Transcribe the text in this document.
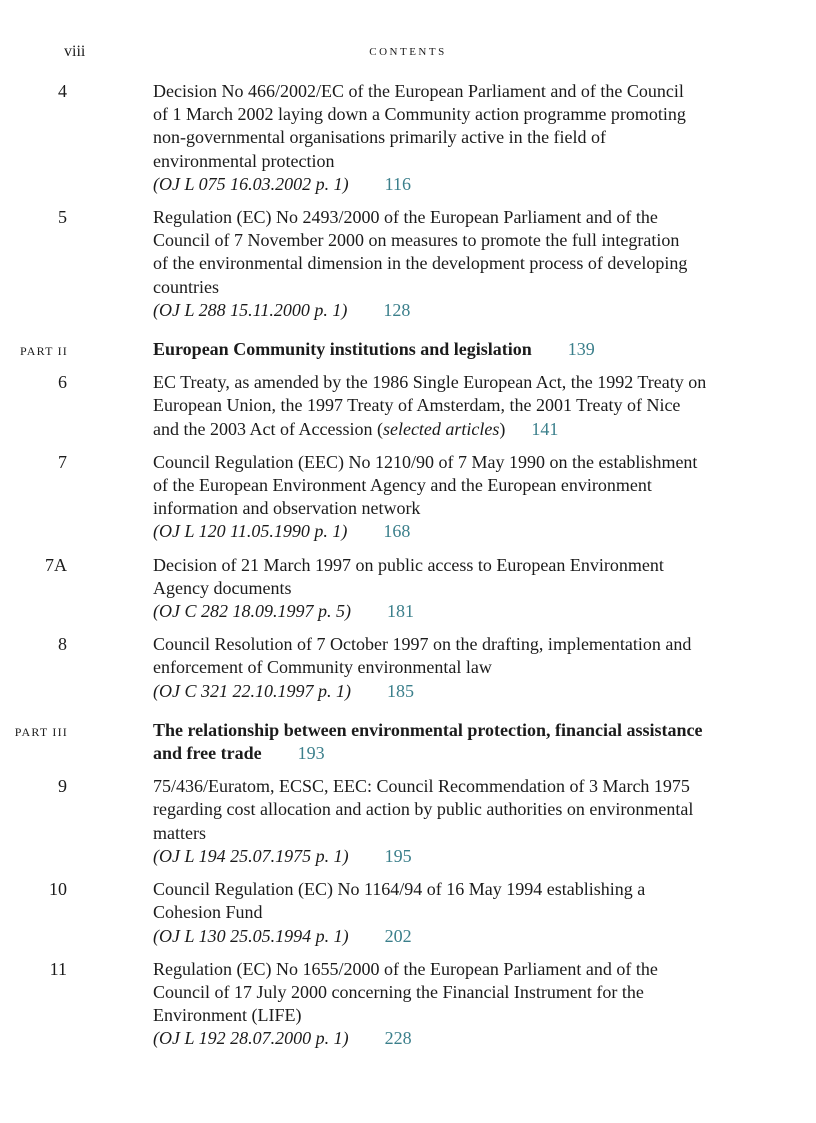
viii	CONTENTS
4	Decision No 466/2002/EC of the European Parliament and of the Council
of 1 March 2002 laying down a Community action programme promoting
non-governmental organisations primarily active in the field of
environmental protection
(OJ L 075 16.03.2002 p. 1) 116
5	Regulation (EC) No 2493/2000 of the European Parliament and of the
Council of 7 November 2000 on measures to promote the full integration
of the environmental dimension in the development process of developing
countries
(OJ L 288 15.11.2000 p. 1) 128
PART II	European Community institutions and legislation 139
6	EC Treaty, as amended by the 1986 Single European Act, the 1992 Treaty on
European Union, the 1997 Treaty of Amsterdam, the 2001 Treaty of Nice
and the 2003 Act of Accession (selected articles) 141
7	Council Regulation (EEC) No 1210/90 of 7 May 1990 on the establishment
of the European Environment Agency and the European environment
information and observation network
(OJ L 120 11.05.1990 p. 1) 168
7A	Decision of 21 March 1997 on public access to European Environment
Agency documents
(OJ C 282 18.09.1997 p. 5) 181
8	Council Resolution of 7 October 1997 on the drafting, implementation and
enforcement of Community environmental law
(OJ C 321 22.10.1997 p. 1) 185
PART III	The relationship between environmental protection, financial assistance
and free trade 193
9	75/436/Euratom, ECSC, EEC: Council Recommendation of 3 March 1975
regarding cost allocation and action by public authorities on environmental
matters
(OJ L 194 25.07.1975 p. 1) 195
10	Council Regulation (EC) No 1164/94 of 16 May 1994 establishing a
Cohesion Fund
(OJ L 130 25.05.1994 p. 1) 202
11	Regulation (EC) No 1655/2000 of the European Parliament and of the
Council of 17 July 2000 concerning the Financial Instrument for the
Environment (LIFE)
(OJ L 192 28.07.2000 p. 1) 228
